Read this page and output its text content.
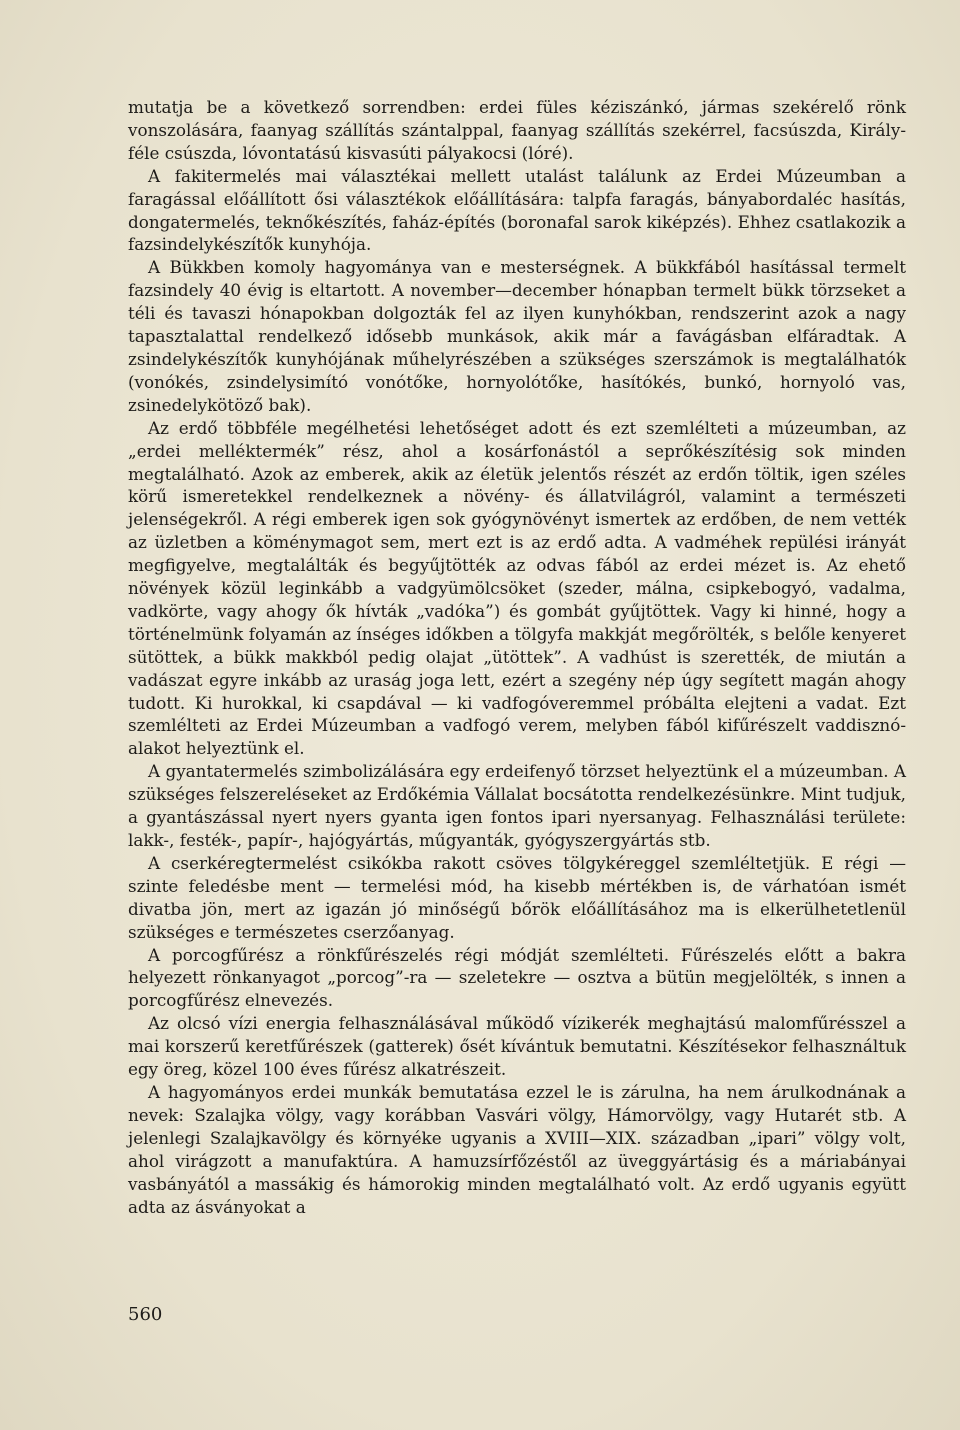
mutatja be a következő sorrendben: erdei füles kéziszánkó, jármas szekérelő rönk vonszolására, faanyag szállítás szántalppal, faanyag szállítás szekérrel, facsúszda, Király-féle csúszda, lóvontatású kisvasúti pályakocsi (lóré).

A fakitermelés mai választékai mellett utalást találunk az Erdei Múzeumban a faragással előállított ősi választékok előállítására: talpfa faragás, bányabordaléc hasítás, dongatermelés, teknőkészítés, faház-építés (boronafal sarok kiképzés). Ehhez csatlakozik a fazsindelykészítők kunyhója.

A Bükkben komoly hagyománya van e mesterségnek. A bükkfából hasítással termelt fazsindely 40 évig is eltartott. A november—december hónapban termelt bükk törzseket a téli és tavaszi hónapokban dolgozták fel az ilyen kunyhókban, rendszerint azok a nagy tapasztalattal rendelkező idősebb munkások, akik már a favágásban elfáradtak. A zsindelykészítők kunyhójának műhelyrészében a szükséges szerszámok is megtalálhatók (vonókés, zsindelysimító vonótőke, hornyolótőke, hasítókés, bunkó, hornyoló vas, zsinedelykötöző bak).

Az erdő többféle megélhetési lehetőséget adott és ezt szemlélteti a múzeumban, az „erdei melléktermék” rész, ahol a kosárfonástól a seprőkészítésig sok minden megtalálható. Azok az emberek, akik az életük jelentős részét az erdőn töltik, igen széles körű ismeretekkel rendelkeznek a növény- és állatvilágról, valamint a természeti jelenségekről. A régi emberek igen sok gyógynövényt ismertek az erdőben, de nem vették az üzletben a köménymagot sem, mert ezt is az erdő adta. A vadméhek repülési irányát megfigyelve, megtalálták és begyűjtötték az odvas fából az erdei mézet is. Az ehető növények közül leginkább a vadgyümölcsöket (szeder, málna, csipkebogyó, vadalma, vadkörte, vagy ahogy ők hívták „vadóka”) és gombát gyűjtöttek. Vagy ki hinné, hogy a történelmünk folyamán az ínséges időkben a tölgyfa makkját megőrölték, s belőle kenyeret sütöttek, a bükk makkból pedig olajat „ütöttek”. A vadhúst is szerették, de miután a vadászat egyre inkább az uraság joga lett, ezért a szegény nép úgy segített magán ahogy tudott. Ki hurokkal, ki csapdával — ki vadfogóveremmel próbálta elejteni a vadat. Ezt szemlélteti az Erdei Múzeumban a vadfogó verem, melyben fából kifűrészelt vaddisznó-alakot helyeztünk el.

A gyantatermelés szimbolizálására egy erdeifenyő törzset helyeztünk el a múzeumban. A szükséges felszereléseket az Erdőkémia Vállalat bocsátotta rendelkezésünkre. Mint tudjuk, a gyantászással nyert nyers gyanta igen fontos ipari nyersanyag. Felhasználási területe: lakk-, festék-, papír-, hajógyártás, műgyanták, gyógyszergyártás stb.

A cserkéregtermelést csikókba rakott csöves tölgykéreggel szemléltetjük. E régi — szinte feledésbe ment — termelési mód, ha kisebb mértékben is, de várhatóan ismét divatba jön, mert az igazán jó minőségű bőrök előállításához ma is elkerülhetetlenül szükséges e természetes cserzőanyag.

A porcogfűrész a rönkfűrészelés régi módját szemlélteti. Fűrészelés előtt a bakra helyezett rönkanyagot „porcog”-ra — szeletekre — osztva a bütün megjelölték, s innen a porcogfűrész elnevezés.

Az olcsó vízi energia felhasználásával működő vízikerék meghajtású malomfűrésszel a mai korszerű keretfűrészek (gatterek) ősét kívántuk bemutatni. Készítésekor felhasználtuk egy öreg, közel 100 éves fűrész alkatrészeit.

A hagyományos erdei munkák bemutatása ezzel le is zárulna, ha nem árulkodnának a nevek: Szalajka völgy, vagy korábban Vasvári völgy, Hámorvölgy, vagy Hutarét stb. A jelenlegi Szalajkavölgy és környéke ugyanis a XVIII—XIX. században „ipari” völgy volt, ahol virágzott a manufaktúra. A hamuzsírfőzéstől az üveggyártásig és a máriabányai vasbányától a massákig és hámorokig minden megtalálható volt. Az erdő ugyanis együtt adta az ásványokat a

560
